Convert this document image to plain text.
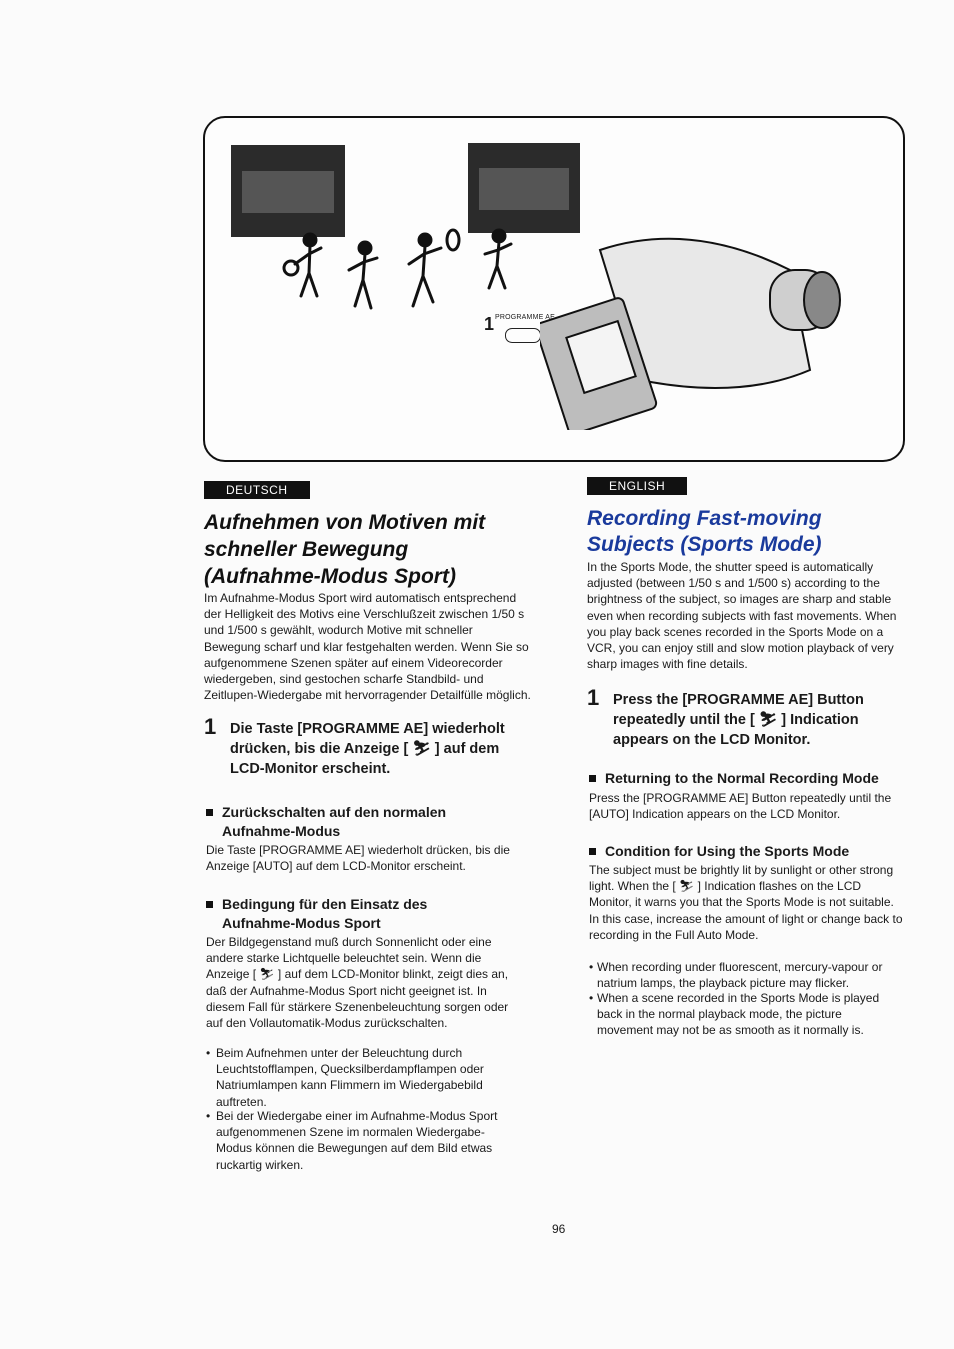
1 PROGRAMME AE
DEUTSCH
Aufnehmen von Motiven mit
schneller Bewegung
(Aufnahme-Modus Sport)

Im Aufnahme-Modus Sport wird automatisch entsprechend der Helligkeit des Motivs eine Verschlußzeit zwischen 1/50 s und 1/500 s gewählt, wodurch Motive mit schneller Bewegung scharf und klar festgehalten werden. Wenn Sie so aufgenommene Szenen später auf einem Videorecorder wiedergeben, sind gestochen scharfe Standbild- und Zeitlupen-Wiedergabe mit hervorragender Detailfülle möglich.

1 Die Taste [PROGRAMME AE] wiederholt drücken, bis die Anzeige [ ⛷ ] auf dem LCD-Monitor erscheint.
Zurückschalten auf den normalen Aufnahme-Modus

Die Taste [PROGRAMME AE] wiederholt drücken, bis die Anzeige [AUTO] auf dem LCD-Monitor erscheint.

Bedingung für den Einsatz des Aufnahme-Modus Sport

Der Bildgegenstand muß durch Sonnenlicht oder eine andere starke Lichtquelle beleuchtet sein. Wenn die Anzeige [ ⛷ ] auf dem LCD-Monitor blinkt, zeigt dies an, daß der Aufnahme-Modus Sport nicht geeignet ist. In diesem Fall für stärkere Szenenbeleuchtung sorgen oder auf den Vollautomatik-Modus zurückschalten.

• Beim Aufnehmen unter der Beleuchtung durch Leuchtstofflampen, Quecksilberdampflampen oder Natriumlampen kann Flimmern im Wiedergabebild auftreten.
• Bei der Wiedergabe einer im Aufnahme-Modus Sport aufgenommenen Szene im normalen Wiedergabe-Modus können die Bewegungen auf dem Bild etwas ruckartig wirken.
ENGLISH
Recording Fast-moving
Subjects (Sports Mode)

In the Sports Mode, the shutter speed is automatically adjusted (between 1/50 s and 1/500 s) according to the brightness of the subject, so images are sharp and stable even when recording subjects with fast movements. When you play back scenes recorded in the Sports Mode on a VCR, you can enjoy still and slow motion playback of very sharp images with fine details.

1 Press the [PROGRAMME AE] Button repeatedly until the [ ⛷ ] Indication appears on the LCD Monitor.
Returning to the Normal Recording Mode

Press the [PROGRAMME AE] Button repeatedly until the [AUTO] Indication appears on the LCD Monitor.

Condition for Using the Sports Mode

The subject must be brightly lit by sunlight or other strong light. When the [ ⛷ ] Indication flashes on the LCD Monitor, it warns you that the Sports Mode is not suitable. In this case, increase the amount of light or change back to recording in the Full Auto Mode.

• When recording under fluorescent, mercury-vapour or natrium lamps, the playback picture may flicker.
• When a scene recorded in the Sports Mode is played back in the normal playback mode, the picture movement may not be as smooth as it normally is.
96
